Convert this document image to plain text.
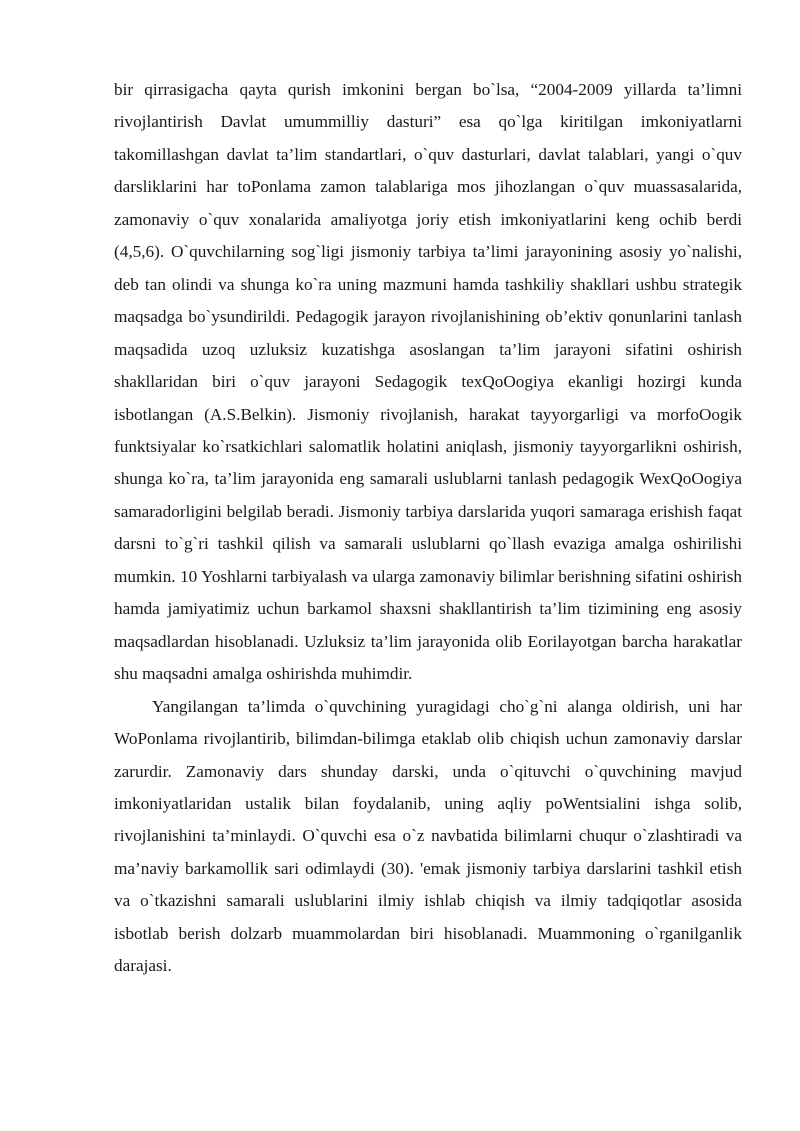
bir qirrasigacha qayta qurish imkonini bergan bo`lsa, “2004-2009 yillarda ta’limni rivojlantirish Davlat umummilliy dasturi” esa qo`lga kiritilgan imkoniyatlarni takomillashgan davlat ta’lim standartlari, o`quv dasturlari, davlat talablari, yangi o`quv darsliklarini har toPonlama zamon talablariga mos jihozlangan o`quv muassasalarida, zamonaviy o`quv xonalarida amaliyotga joriy etish imkoniyatlarini keng ochib berdi (4,5,6). O`quvchilarning sog`ligi jismoniy tarbiya ta’limi jarayonining asosiy yo`nalishi, deb tan olindi va shunga ko`ra uning mazmuni hamda tashkiliy shakllari ushbu strategik maqsadga bo`ysundirildi. Pedagogik jarayon rivojlanishining ob’ektiv qonunlarini tanlash maqsadida uzoq uzluksiz kuzatishga asoslangan ta’lim jarayoni sifatini oshirish shakllaridan biri o`quv jarayoni Sedagogik texQoOogiya ekanligi hozirgi kunda isbotlangan (A.S.Belkin). Jismoniy rivojlanish, harakat tayyorgarligi va morfoOogik funktsiyalar ko`rsatkichlari salomatlik holatini aniqlash, jismoniy tayyorgarlikni oshirish, shunga ko`ra, ta’lim jarayonida eng samarali uslublarni tanlash pedagogik WexQoOogiya samaradorligini belgilab beradi. Jismoniy tarbiya darslarida yuqori samaraga erishish faqat darsni to`g`ri tashkil qilish va samarali uslublarni qo`llash evaziga amalga oshirilishi mumkin. 10 Yoshlarni tarbiyalash va ularga zamonaviy bilimlar berishning sifatini oshirish hamda jamiyatimiz uchun barkamol shaxsni shakllantirish ta’lim tizimining eng asosiy maqsadlardan hisoblanadi. Uzluksiz ta’lim jarayonida olib Eorilayotgan barcha harakatlar shu maqsadni amalga oshirishda muhimdir.

Yangilangan ta’limda o`quvchining yuragidagi cho`g`ni alanga oldirish, uni har WoPonlama rivojlantirib, bilimdan-bilimga etaklab olib chiqish uchun zamonaviy darslar zarurdir. Zamonaviy dars shunday darski, unda o`qituvchi o`quvchining mavjud imkoniyatlaridan ustalik bilan foydalanib, uning aqliy poWentsialini ishga solib, rivojlanishini ta’minlaydi. O`quvchi esa o`z navbatida bilimlarni chuqur o`zlashtiradi va ma’naviy barkamollik sari odimlaydi (30). 'emak jismoniy tarbiya darslarini tashkil etish va o`tkazishni samarali uslublarini ilmiy ishlab chiqish va ilmiy tadqiqotlar asosida isbotlab berish dolzarb muammolardan biri hisoblanadi. Muammoning o`rganilganlik darajasi.
